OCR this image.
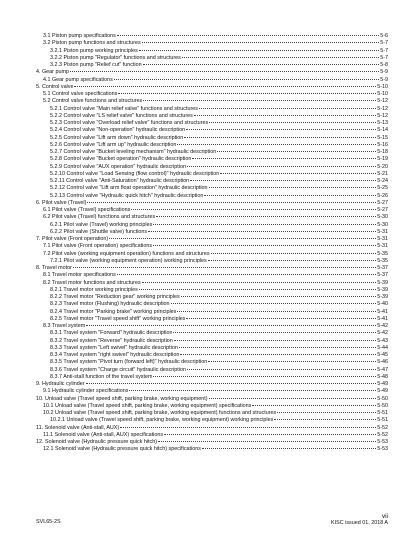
3.1 Piston pump specifications	5-6
3.2 Piston pump functions and structures	5-7
3.2.1 Piston pump working principles	5-7
3.2.2 Piston pump "Regulator" functions and structures	5-7
3.2.3 Piston pump "Relief cut" function	5-8
4. Gear pump	5-9
4.1 Gear pump specifications	5-9
5. Control valve	5-10
5.1 Control valve specifications	5-10
5.2 Control valve functions and structures	5-12
5.2.1 Control valve "Main relief valve" functions and structures	5-12
5.2.2 Control valve "LS relief valve" functions and structures	5-12
5.2.3 Control valve "Overload relief valve" functions and structures	5-13
5.2.4 Control valve "Non-operation" hydraulic description	5-14
5.2.5 Control valve "Lift arm down" hydraulic description	5-15
5.2.6 Control valve "Lift arm up" hydraulic description	5-16
5.2.7 Control valve "Bucket leveling mechanism" hydraulic description	5-18
5.2.8 Control valve "Bucket operation" hydraulic description	5-19
5.2.9 Control valve "AUX operation" hydraulic description	5-20
5.2.10 Control valve "Load Sensing (flow control)" hydraulic description	5-21
5.2.11 Control valve "Anti-Saturation" hydraulic description	5-24
5.2.12 Control valve "Lift arm float operation" hydraulic description	5-25
5.2.13 Control valve "Hydraulic quick hitch" hydraulic description	5-26
6. Pilot valve (Travel)	5-27
6.1 Pilot valve (Travel) specifications	5-27
6.2 Pilot valve (Travel) functions and structures	5-30
6.2.1 Pilot valve (Travel) working principles	5-30
6.2.2 Pilot valve (Shuttle valve) functions	5-31
7. Pilot valve (Front operation)	5-31
7.1 Pilot valve (Front operation) specifications	5-31
7.2 Pilot valve (working equipment operation) functions and structures	5-35
7.2.1 Pilot valve (working equipment operation) working principles	5-35
8. Travel motor	5-37
8.1 Travel motor specifications	5-37
8.2 Travel motor functions and structures	5-39
8.2.1 Travel motor working principles	5-39
8.2.2 Travel motor "Reduction gear" working principles	5-39
8.2.3 Travel motor (Flushing) hydraulic description	5-40
8.2.4 Travel motor "Parking brake" working principles	5-41
8.2.5 Travel motor "Travel speed shift" working principles	5-41
8.3 Travel system	5-42
8.3.1 Travel system "Forward" hydraulic description	5-42
8.3.2 Travel system "Reverse" hydraulic description	5-43
8.3.3 Travel system "Left swivel" hydraulic description	5-44
8.3.4 Travel system "right swivel" hydraulic description	5-45
8.3.5 Travel system "Pivot turn (forward left)" hydraulic description	5-46
8.3.6 Travel system "Charge circuit" hydraulic description	5-47
8.3.7 Anti-stall function of the travel system	5-48
9. Hydraulic cylinder	5-49
9.1 Hydraulic cylinder specifications	5-49
10. Unload valve (Travel speed shift, parking brake, working equipment)	5-50
10.1 Unload valve (Travel speed shift, parking brake, working equipment) specifications	5-50
10.2 Unload valve (Travel speed shift, parking brake, working equipment) functions and structures	5-51
10.2.1 Unload valve (Travel speed shift, parking brake, working equipment) working principles	5-51
11. Solenoid valve (Anti-stall, AUX)	5-52
11.1 Solenoid valve (Anti-stall, AUX) specifications	5-52
12. Solenoid valve (Hydraulic pressure quick hitch)	5-53
12.1 Solenoid valve (Hydraulic pressure quick hitch) specifications	5-53
SVL65-2S
vii
KISC issued 01, 2018 A
